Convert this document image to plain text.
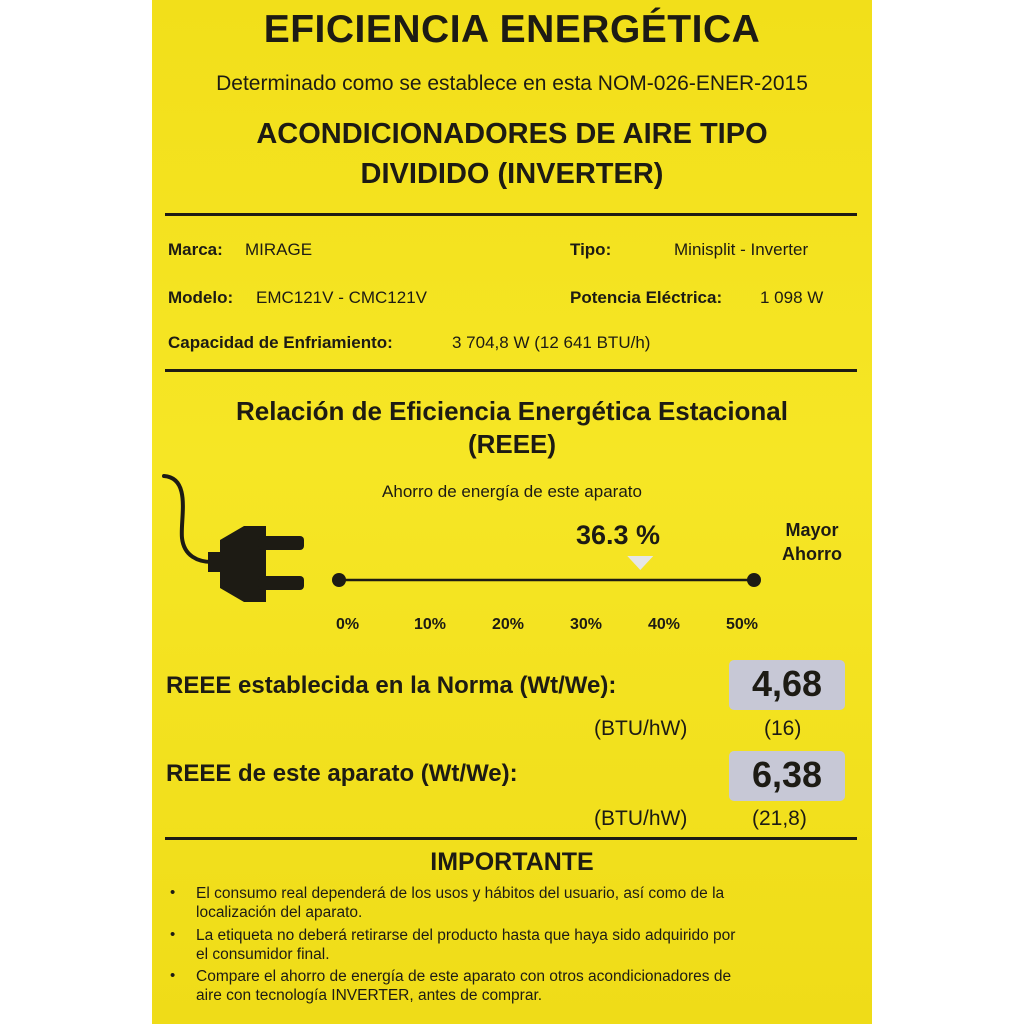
EFICIENCIA ENERGÉTICA
Determinado como se establece en esta NOM-026-ENER-2015
ACONDICIONADORES DE AIRE TIPO
DIVIDIDO (INVERTER)
Marca: MIRAGE	Tipo:	Minisplit - Inverter
Modelo: EMC121V - CMC121V	Potencia Eléctrica: 1 098 W
Capacidad de Enfriamiento:	3 704,8 W (12 641 BTU/h)
Relación de Eficiencia Energética Estacional
(REEE)
Ahorro de energía de este aparato
36.3 %	Mayor
Ahorro
0%	10%	20%	30%	40%	50%
REEE establecida en la Norma (Wt/We):	4,68
(BTU/hW)	(16)
REEE de este aparato (Wt/We):	6,38
(BTU/hW)	(21,8)
IMPORTANTE
• El consumo real dependerá de los usos y hábitos del usuario, así como de la
localización del aparato.
• La etiqueta no deberá retirarse del producto hasta que haya sido adquirido por
el consumidor final.
• Compare el ahorro de energía de este aparato con otros acondicionadores de
aire con tecnología INVERTER, antes de comprar.
